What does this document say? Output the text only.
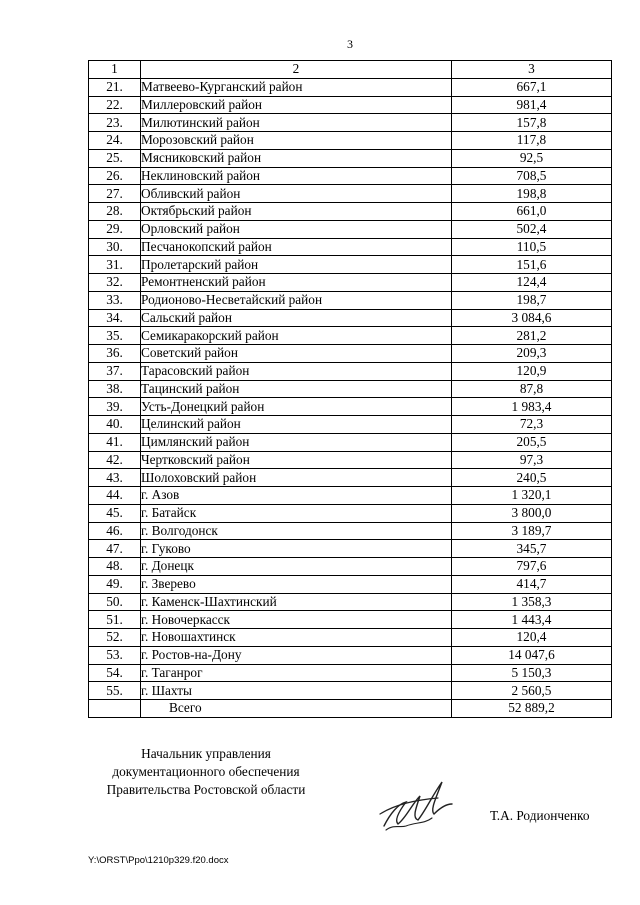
3
1	2	3
21.	Матвеево-Курганский район	667,1
22.	Миллеровский район	981,4
23.	Милютинский район	157,8
24.	Морозовский район	117,8
25.	Мясниковский район	92,5
26.	Неклиновский район	708,5
27.	Обливский район	198,8
28.	Октябрьский район	661,0
29.	Орловский район	502,4
30.	Песчанокопский район	110,5
31.	Пролетарский район	151,6
32.	Ремонтненский район	124,4
33.	Родионово-Несветайский район	198,7
34.	Сальский район	3 084,6
35.	Семикаракорский район	281,2
36.	Советский район	209,3
37.	Тарасовский район	120,9
38.	Тацинский район	87,8
39.	Усть-Донецкий район	1 983,4
40.	Целинский район	72,3
41.	Цимлянский район	205,5
42.	Чертковский район	97,3
43.	Шолоховский район	240,5
44.	г. Азов	1 320,1
45.	г. Батайск	3 800,0
46.	г. Волгодонск	3 189,7
47.	г. Гуково	345,7
48.	г. Донецк	797,6
49.	г. Зверево	414,7
50.	г. Каменск-Шахтинский	1 358,3
51.	г. Новочеркасск	1 443,4
52.	г. Новошахтинск	120,4
53.	г. Ростов-на-Дону	14 047,6
54.	г. Таганрог	5 150,3
55.	г. Шахты	2 560,5
	Всего	52 889,2
Начальник управления
документационного обеспечения
Правительства Ростовской области
Т.А. Родионченко
Y:\ORST\Ppo\1210p329.f20.docx
